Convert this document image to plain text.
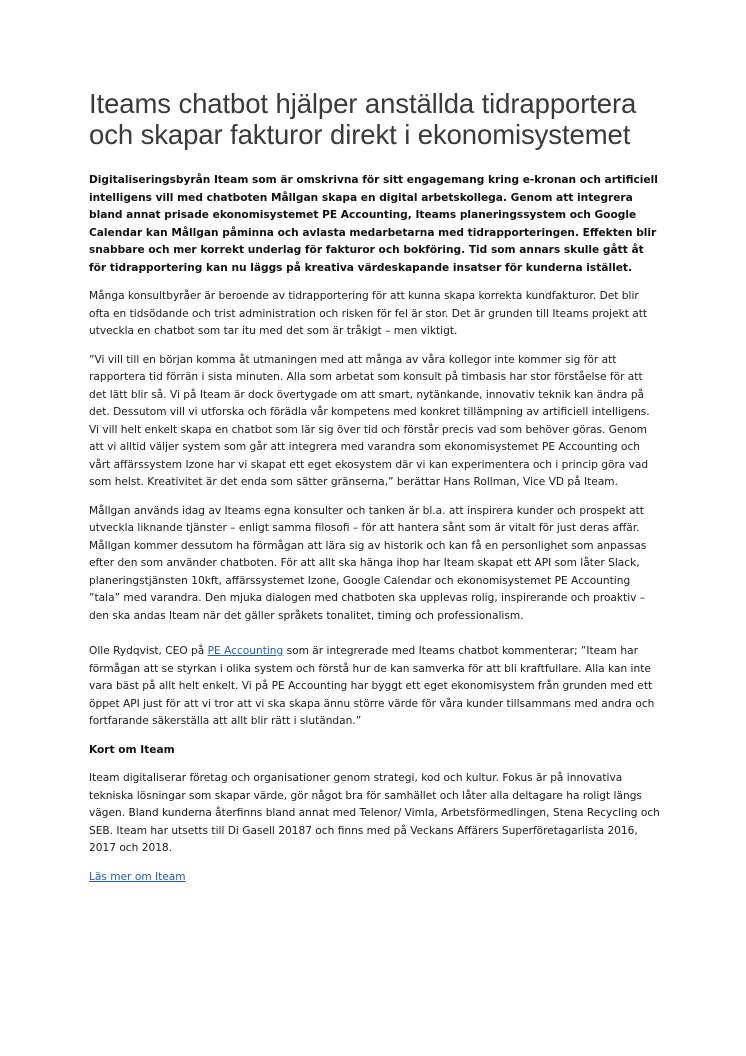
Iteams chatbot hjälper anställda tidrapportera och skapar fakturor direkt i ekonomisystemet

Digitaliseringsbyrån Iteam som är omskrivna för sitt engagemang kring e-kronan och artificiell intelligens vill med chatboten Mållgan skapa en digital arbetskollega. Genom att integrera bland annat prisade ekonomisystemet PE Accounting, Iteams planeringssystem och Google Calendar kan Mållgan påminna och avlasta medarbetarna med tidrapporteringen. Effekten blir snabbare och mer korrekt underlag för fakturor och bokföring. Tid som annars skulle gått åt för tidrapportering kan nu läggs på kreativa värdeskapande insatser för kunderna istället.

Många konsultbyråer är beroende av tidrapportering för att kunna skapa korrekta kundfakturor. Det blir ofta en tidsödande och trist administration och risken för fel är stor. Det är grunden till Iteams projekt att utveckla en chatbot som tar itu med det som är tråkigt – men viktigt.

”Vi vill till en början komma åt utmaningen med att många av våra kollegor inte kommer sig för att rapportera tid förrän i sista minuten. Alla som arbetat som konsult på timbasis har stor förståelse för att det lätt blir så. Vi på Iteam är dock övertygade om att smart, nytänkande, innovativ teknik kan ändra på det. Dessutom vill vi utforska och förädla vår kompetens med konkret tillämpning av artificiell intelligens. Vi vill helt enkelt skapa en chatbot som lär sig över tid och förstår precis vad som behöver göras. Genom att vi alltid väljer system som går att integrera med varandra som ekonomisystemet PE Accounting och vårt affärssystem Izone har vi skapat ett eget ekosystem där vi kan experimentera och i princip göra vad som helst. Kreativitet är det enda som sätter gränserna,” berättar Hans Rollman, Vice VD på Iteam.

Mållgan används idag av Iteams egna konsulter och tanken är bl.a. att inspirera kunder och prospekt att utveckla liknande tjänster – enligt samma filosofi – för att hantera sånt som är vitalt för just deras affär. Mållgan kommer dessutom ha förmågan att lära sig av historik och kan få en personlighet som anpassas efter den som använder chatboten. För att allt ska hänga ihop har Iteam skapat ett API som låter Slack, planeringstjänsten 10kft, affärssystemet Izone, Google Calendar och ekonomisystemet PE Accounting ”tala” med varandra. Den mjuka dialogen med chatboten ska upplevas rolig, inspirerande och proaktiv – den ska andas Iteam när det gäller språkets tonalitet, timing och professionalism.

Olle Rydqvist, CEO på PE Accounting som är integrerade med Iteams chatbot kommenterar; ”Iteam har förmågan att se styrkan i olika system och förstå hur de kan samverka för att bli kraftfullare. Alla kan inte vara bäst på allt helt enkelt. Vi på PE Accounting har byggt ett eget ekonomisystem från grunden med ett öppet API just för att vi tror att vi ska skapa ännu större värde för våra kunder tillsammans med andra och fortfarande säkerställa att allt blir rätt i slutändan.”

Kort om Iteam

Iteam digitaliserar företag och organisationer genom strategi, kod och kultur. Fokus är på innovativa tekniska lösningar som skapar värde, gör något bra för samhället och låter alla deltagare ha roligt längs vägen. Bland kunderna återfinns bland annat med Telenor/ Vimla, Arbetsförmedlingen, Stena Recycling och SEB. Iteam har utsetts till Di Gasell 20187 och finns med på Veckans Affärers Superföretagarlista 2016, 2017 och 2018.

Läs mer om Iteam
